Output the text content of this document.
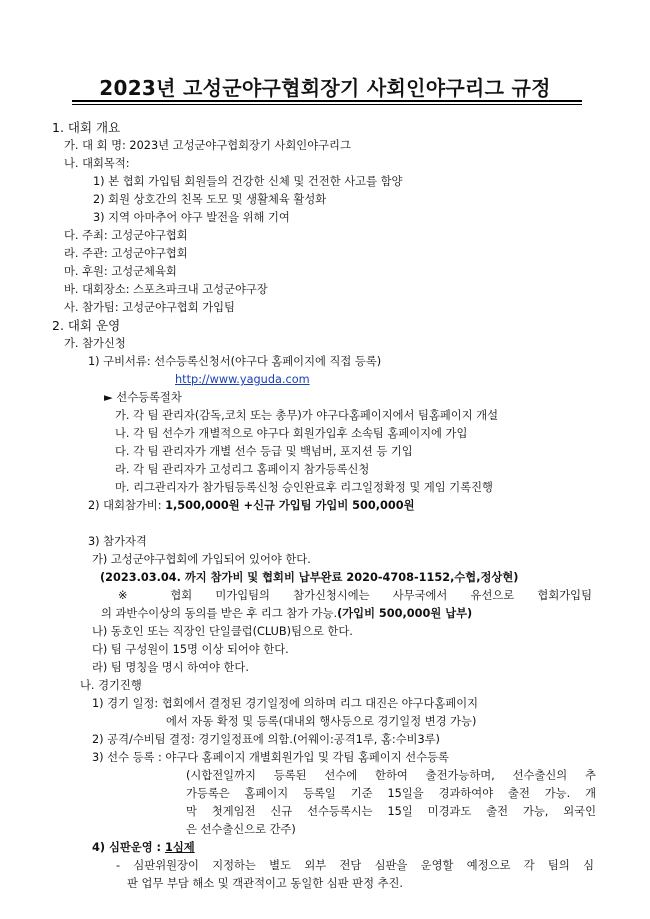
2023년 고성군야구협회장기 사회인야구리그 규정
1. 대회 개요
가. 대 회 명: 2023년 고성군야구협회장기 사회인야구리그
나. 대회목적:
1) 본 협회 가입팀 회원들의 건강한 신체 및 건전한 사고를 함양
2) 회원 상호간의 친목 도모 및 생활체육 활성화
3) 지역 아마추어 야구 발전을 위해 기여
다. 주최: 고성군야구협회
라. 주관: 고성군야구협회
마. 후원: 고성군체육회
바. 대회장소: 스포츠파크내 고성군야구장
사. 참가팀: 고성군야구협회 가입팀
2. 대회 운영
가. 참가신청
1) 구비서류: 선수등록신청서(야구다 홈페이지에 직접 등록)
http://www.yaguda.com
► 선수등록절차
가. 각 팀 관리자(감독,코치 또는 총무)가 야구다홈페이지에서 팀홈페이지 개설
나. 각 팀 선수가 개별적으로 야구다 회원가입후 소속팀 홈페이지에 가입
다. 각 팀 관리자가 개별 선수 등급 및 백넘버, 포지션 등 기입
라. 각 팀 관리자가 고성리그 홈페이지 참가등록신청
마. 리그관리자가 참가팀등록신청 승인완료후 리그일정확정 및 게임 기록진행
2) 대회참가비: 1,500,000원 +신규 가입팀 가입비 500,000원
3) 참가자격
가) 고성군야구협회에 가입되어 있어야 한다.
(2023.03.04. 까지 참가비 및 협회비 납부완료 2020-4708-1152,수협,정상현)
※ 협회 미가입팀의 참가신청시에는 사무국에서 유선으로 협회가입팀
의 과반수이상의 동의를 받은 후 리그 참가 가능.(가입비 500,000원 납부)
나) 동호인 또는 직장인 단일클럽(CLUB)팀으로 한다.
다) 팀 구성원이 15명 이상 되어야 한다.
라) 팀 명칭을 명시 하여야 한다.
나. 경기진행
1) 경기 일정: 협회에서 결정된 경기일정에 의하며 리그 대진은 야구다홈페이지
에서 자동 확정 및 등록(대내외 행사등으로 경기일정 변경 가능)
2) 공격/수비팀 결정: 경기일정표에 의함.(어웨이:공격1루, 홈:수비3루)
3) 선수 등록 : 야구다 홈페이지 개별회원가입 및 각팀 홈페이지 선수등록
(시합전일까지 등록된 선수에 한하여 출전가능하며, 선수출신의 추
가등록은 홈페이지 등록일 기준 15일을 경과하여야 출전 가능. 개
막 첫게임전 신규 선수등록시는 15일 미경과도 출전 가능, 외국인
은 선수출신으로 간주)
4) 심판운영 : 1심제
- 심판위원장이 지정하는 별도 외부 전담 심판을 운영할 예정으로 각 팀의 심
판 업무 부담 해소 및 객관적이고 동일한 심판 판정 추진.
